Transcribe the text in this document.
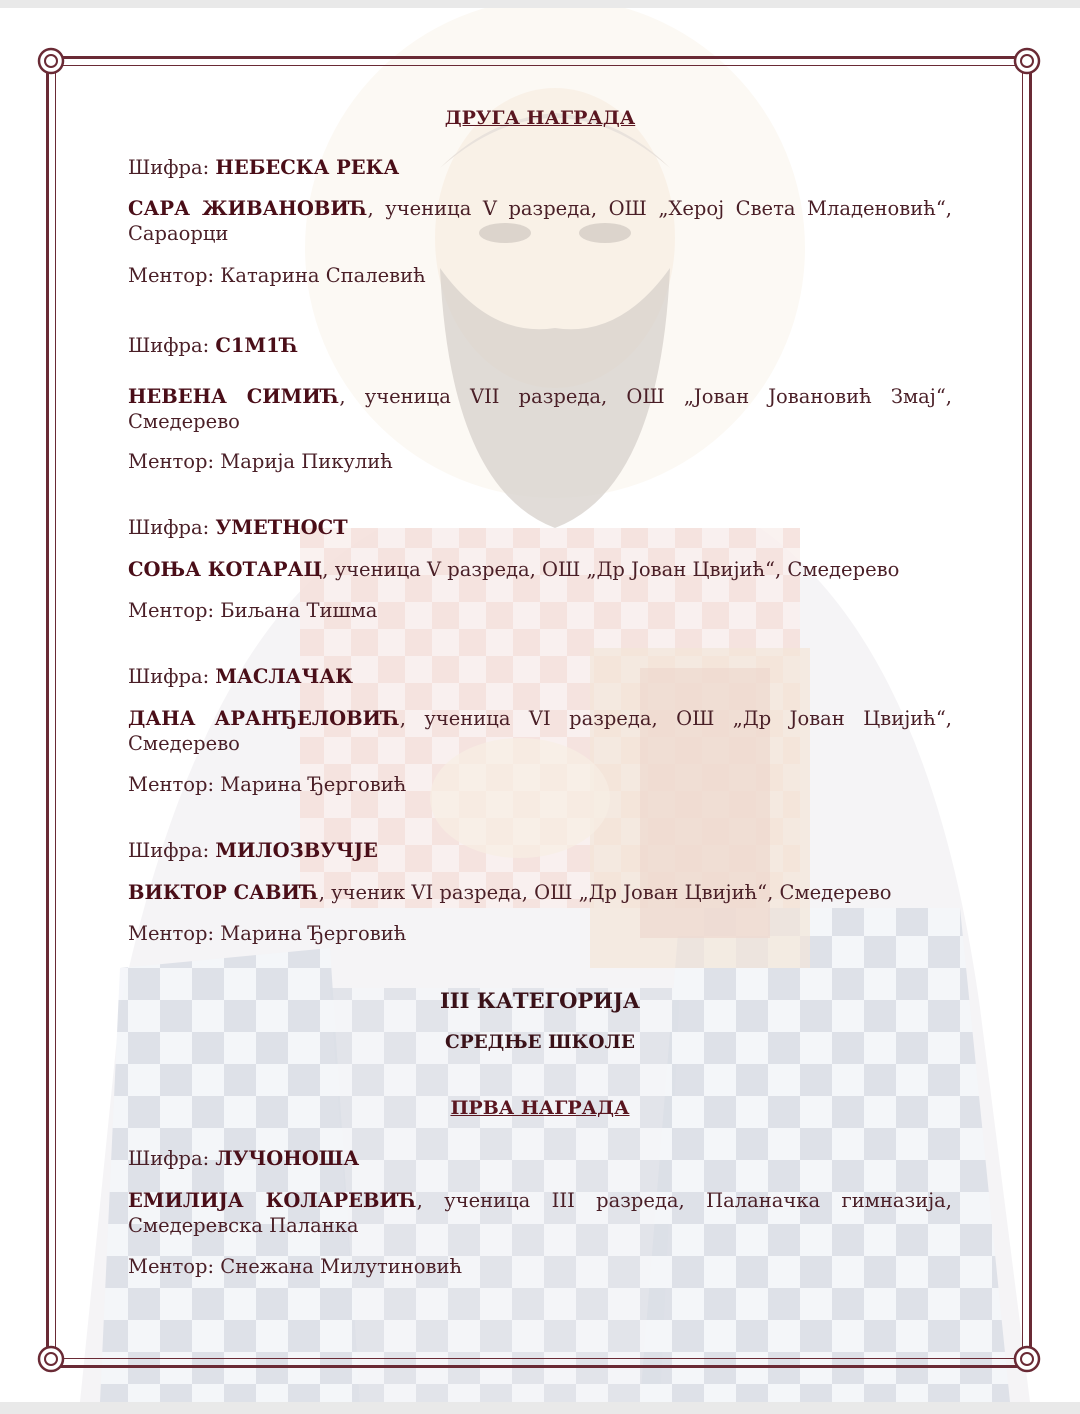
ДРУГА НАГРАДА
Шифра: НЕБЕСКА РЕКА
САРА ЖИВАНОВИЋ, ученица V разреда, ОШ „Херој Света Младеновић“, Сараорци
Ментор: Катарина Спалевић
Шифра: С1М1Ћ
НЕВЕНА СИМИЋ, ученица VII разреда, ОШ „Јован Јовановић Змај“, Смедерево
Ментор: Марија Пикулић
Шифра: УМЕТНОСТ
СОЊА КОТАРАЦ, ученица V разреда, ОШ „Др Јован Цвијић“, Смедерево
Ментор: Биљана Тишма
Шифра: МАСЛАЧАК
ДАНА АРАНЂЕЛОВИЋ, ученица VI разреда, ОШ „Др Јован Цвијић“, Смедерево
Ментор: Марина Ђерговић
Шифра: МИЛОЗВУЧЈЕ
ВИКТОР САВИЋ, ученик VI разреда, ОШ „Др Јован Цвијић“, Смедерево
Ментор: Марина Ђерговић
III КАТЕГОРИЈА
СРЕДЊЕ ШКОЛЕ
ПРВА НАГРАДА
Шифра: ЛУЧОНОША
ЕМИЛИЈА КОЛАРЕВИЋ, ученица III разреда, Паланачка гимназија, Смедеревска Паланка
Ментор: Снежана Милутиновић
